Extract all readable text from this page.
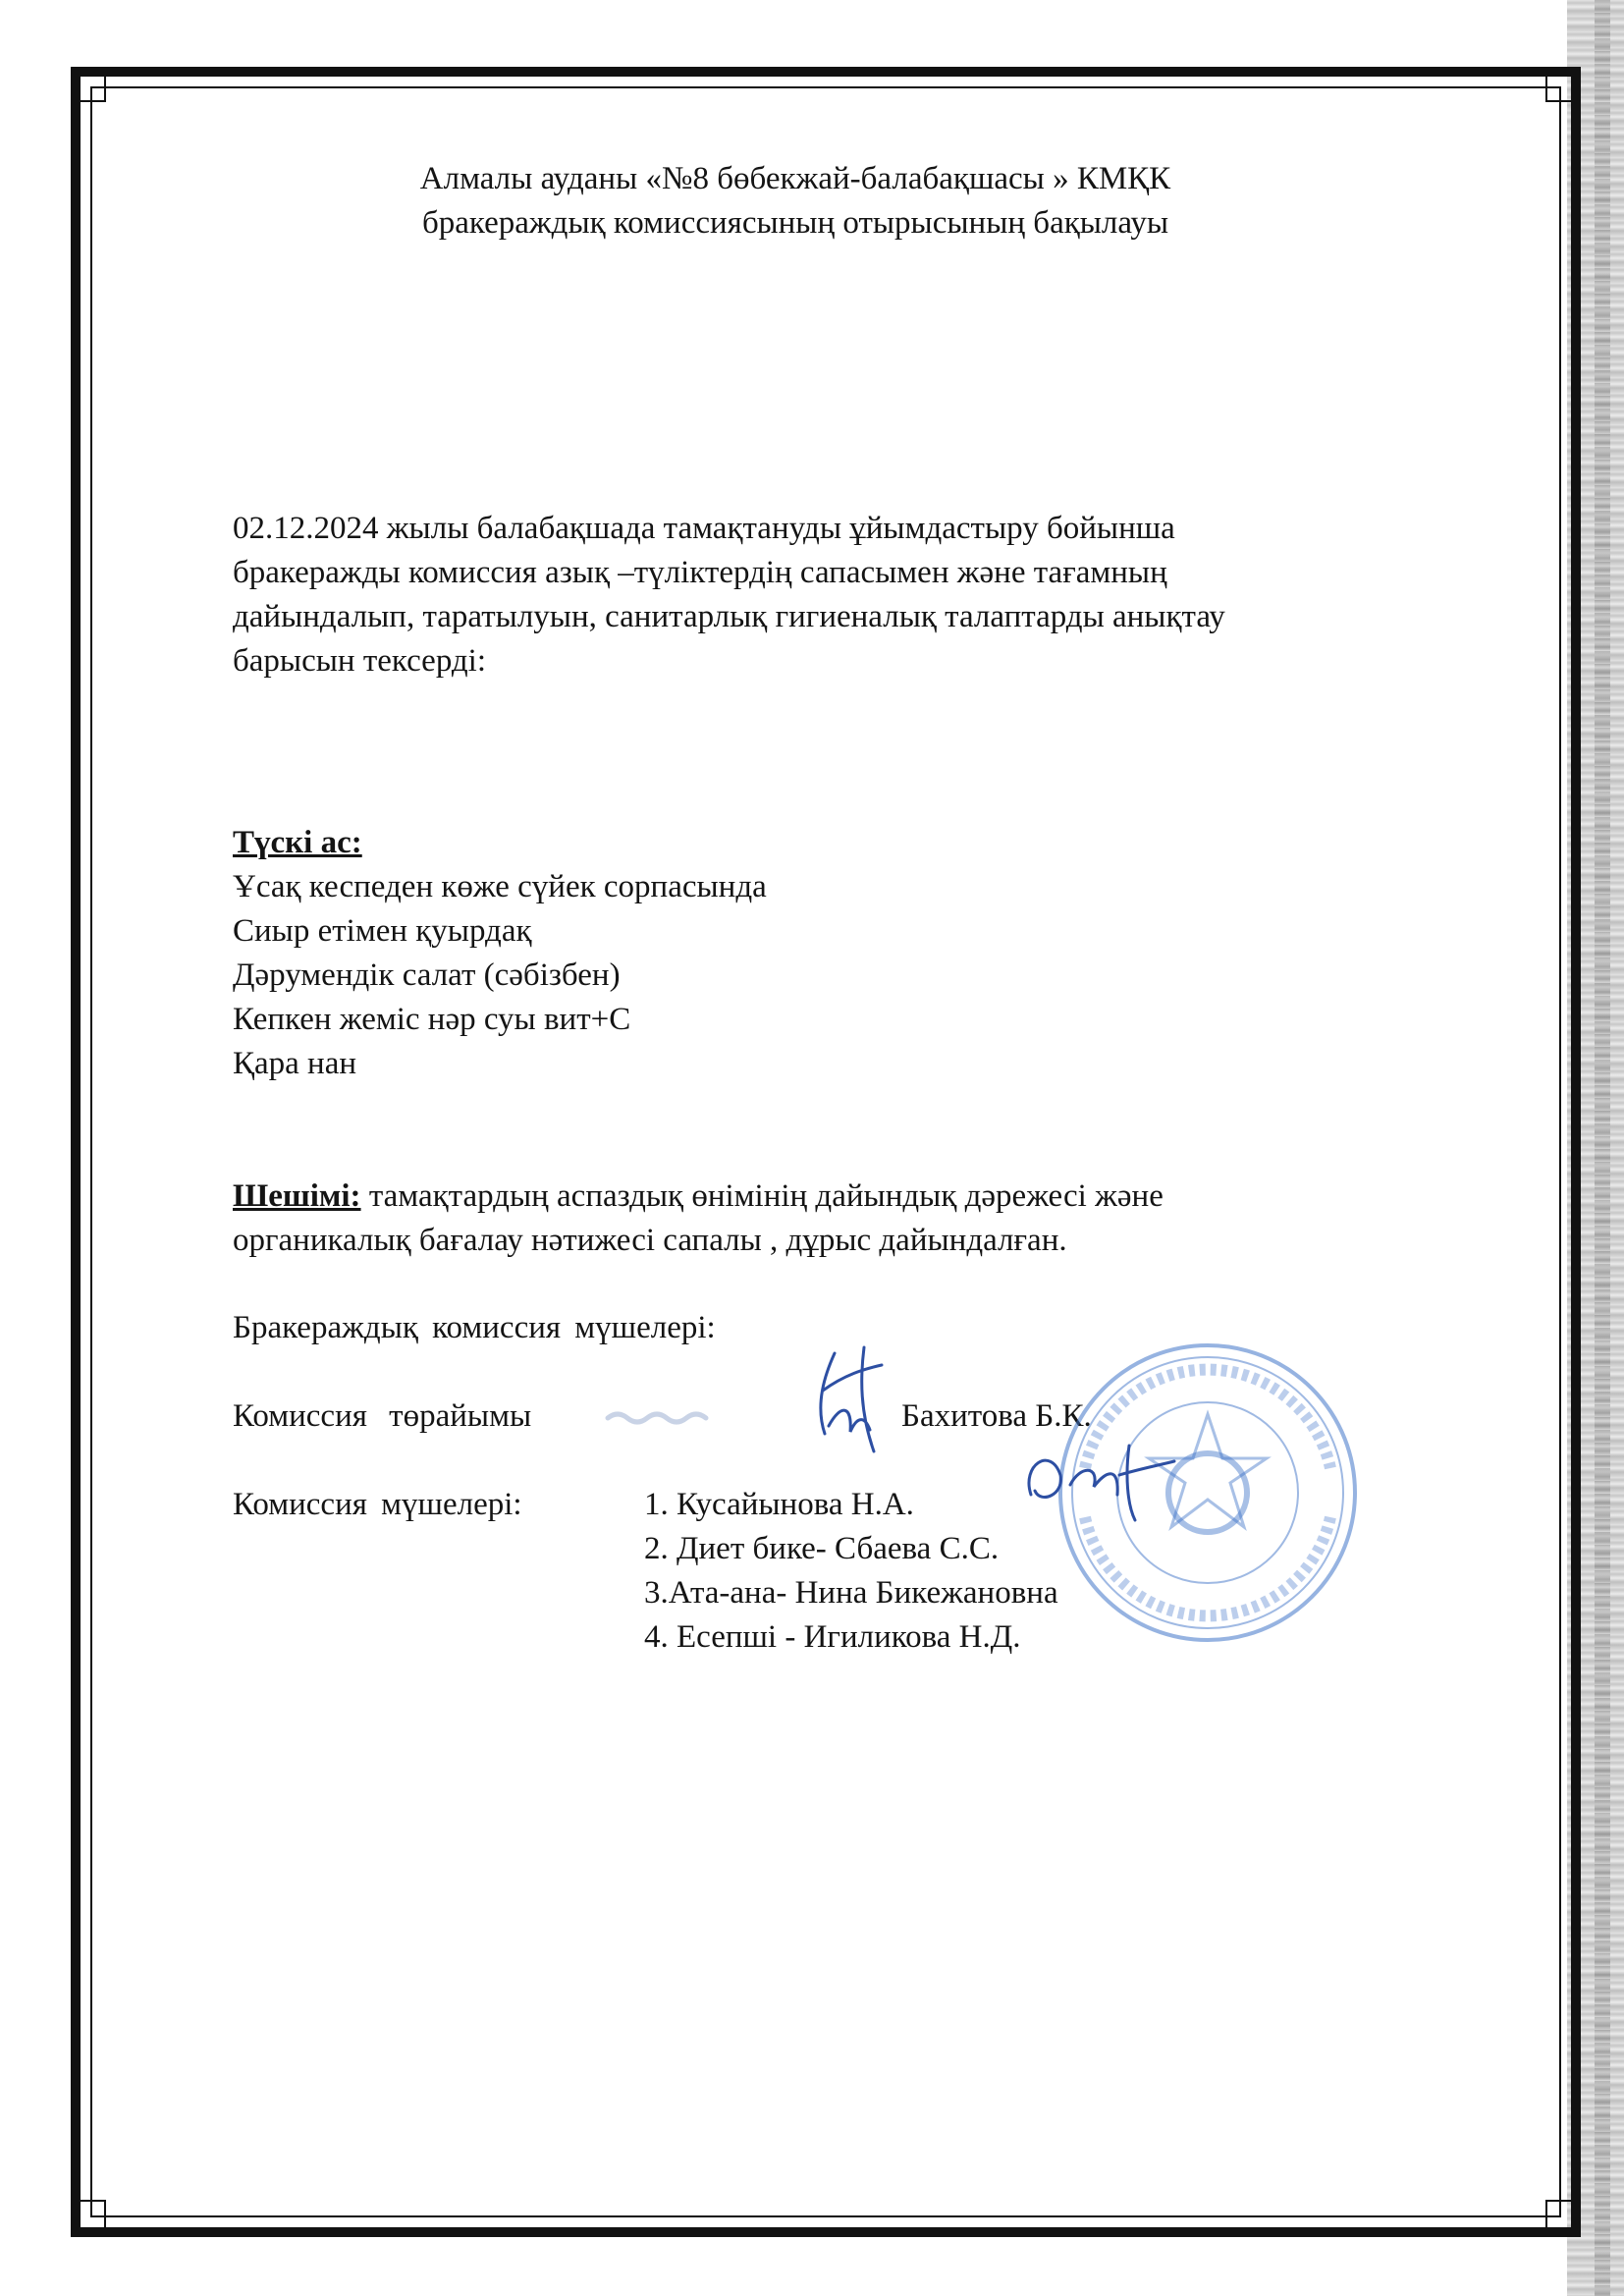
Алмалы ауданы «№8 бөбекжай-балабақшасы » КМҚК
бракераждық комиссиясының отырысының бақылауы
02.12.2024 жылы балабақшада тамақтануды ұйымдастыру бойынша
бракеражды комиссия азық –түліктердің сапасымен және тағамның
дайындалып, таратылуын, санитарлық гигиеналық талаптарды анықтау
барысын тексерді:
Түскі ас:
Ұсақ кеспеден көже сүйек сорпасында
Сиыр етімен қуырдақ
Дәрумендік салат (сәбізбен)
Кепкен жеміс нәр суы вит+С
Қара нан
Шешімі: тамақтардың аспаздық өнімінің дайындық дәрежесі және
органикалық бағалау нәтижесі сапалы , дұрыс дайындалған.
Бракераждық комиссия мүшелері:
Комиссия төрайымы	Бахитова Б.К.
Комиссия мүшелері:	1. Кусайынова Н.А.
2. Диет бике- Сбаева С.С.
3.Ата-ана- Нина Бикежановна
4. Есепші - Игиликова Н.Д.
